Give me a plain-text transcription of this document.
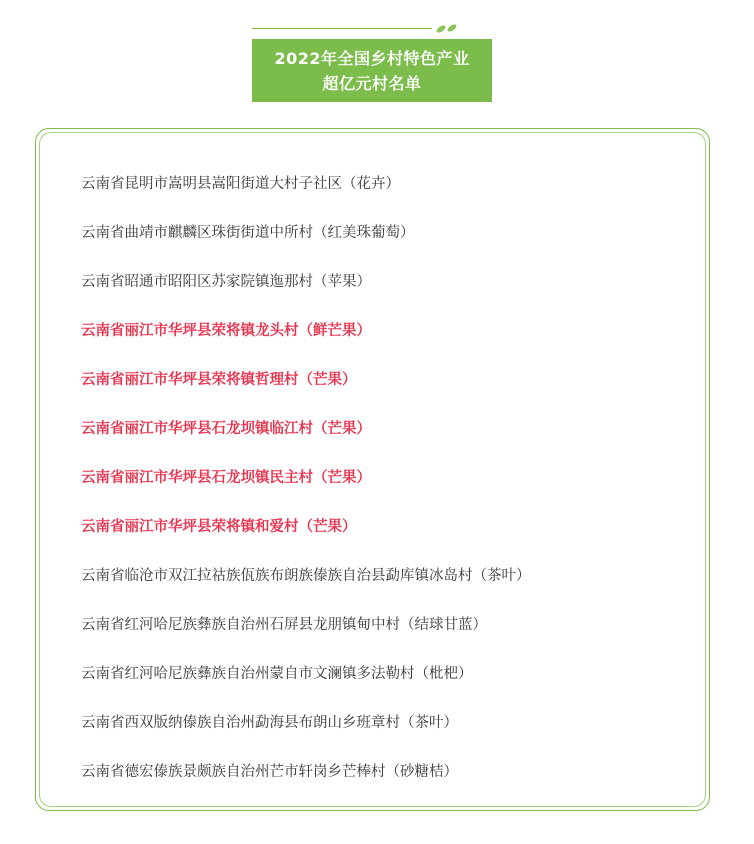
2022年全国乡村特色产业
超亿元村名单
云南省昆明市嵩明县嵩阳街道大村子社区（花卉）
云南省曲靖市麒麟区珠街街道中所村（红美珠葡萄）
云南省昭通市昭阳区苏家院镇迤那村（苹果）
云南省丽江市华坪县荣将镇龙头村（鲜芒果）
云南省丽江市华坪县荣将镇哲理村（芒果）
云南省丽江市华坪县石龙坝镇临江村（芒果）
云南省丽江市华坪县石龙坝镇民主村（芒果）
云南省丽江市华坪县荣将镇和爱村（芒果）
云南省临沧市双江拉祜族佤族布朗族傣族自治县勐库镇冰岛村（茶叶）
云南省红河哈尼族彝族自治州石屏县龙朋镇甸中村（结球甘蓝）
云南省红河哈尼族彝族自治州蒙自市文澜镇多法勒村（枇杷）
云南省西双版纳傣族自治州勐海县布朗山乡班章村（茶叶）
云南省德宏傣族景颇族自治州芒市轩岗乡芒棒村（砂糖桔）
